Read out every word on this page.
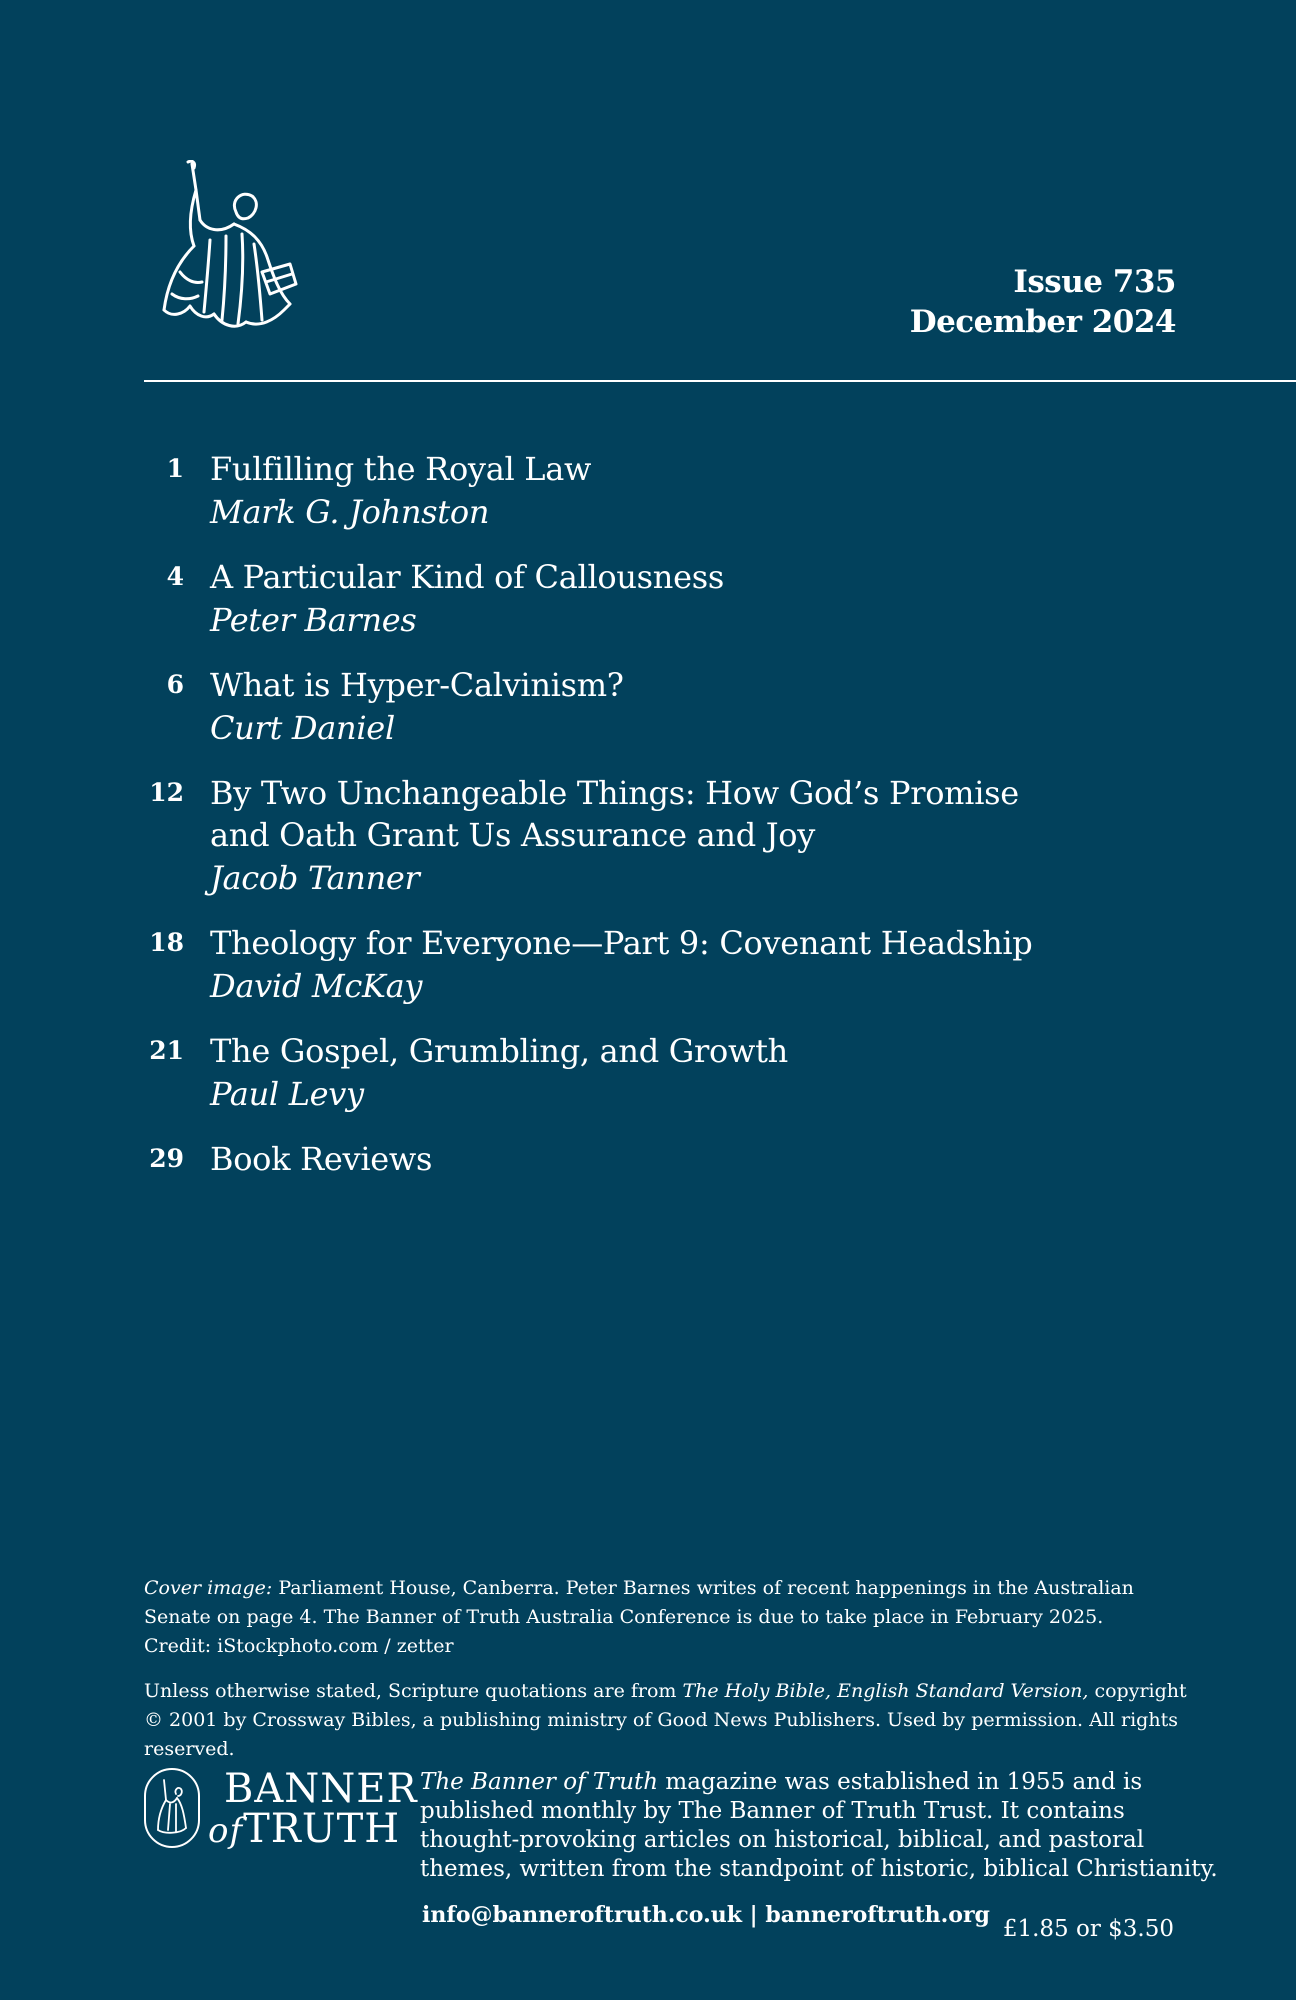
Issue 735
December 2024
1 Fulfilling the Royal Law
Mark G. Johnston
4 A Particular Kind of Callousness
Peter Barnes
6 What is Hyper-Calvinism?
Curt Daniel
12 By Two Unchangeable Things: How God’s Promise
and Oath Grant Us Assurance and Joy
Jacob Tanner
18 Theology for Everyone—Part 9: Covenant Headship
David McKay
21 The Gospel, Grumbling, and Growth
Paul Levy
29 Book Reviews

Cover image: Parliament House, Canberra. Peter Barnes writes of recent happenings in the Australian Senate on page 4. The Banner of Truth Australia Conference is due to take place in February 2025.

Credit: iStockphoto.com / zetter

Unless otherwise stated, Scripture quotations are from The Holy Bible, English Standard Version, copyright © 2001 by Crossway Bibles, a publishing ministry of Good News Publishers. Used by permission. All rights reserved.

BANNER
ofTRUTH
The Banner of Truth magazine was established in 1955 and is published monthly by The Banner of Truth Trust. It contains thought-provoking articles on historical, biblical, and pastoral themes, written from the standpoint of historic, biblical Christianity.
info@banneroftruth.co.uk | banneroftruth.org
£1.85 or $3.50
